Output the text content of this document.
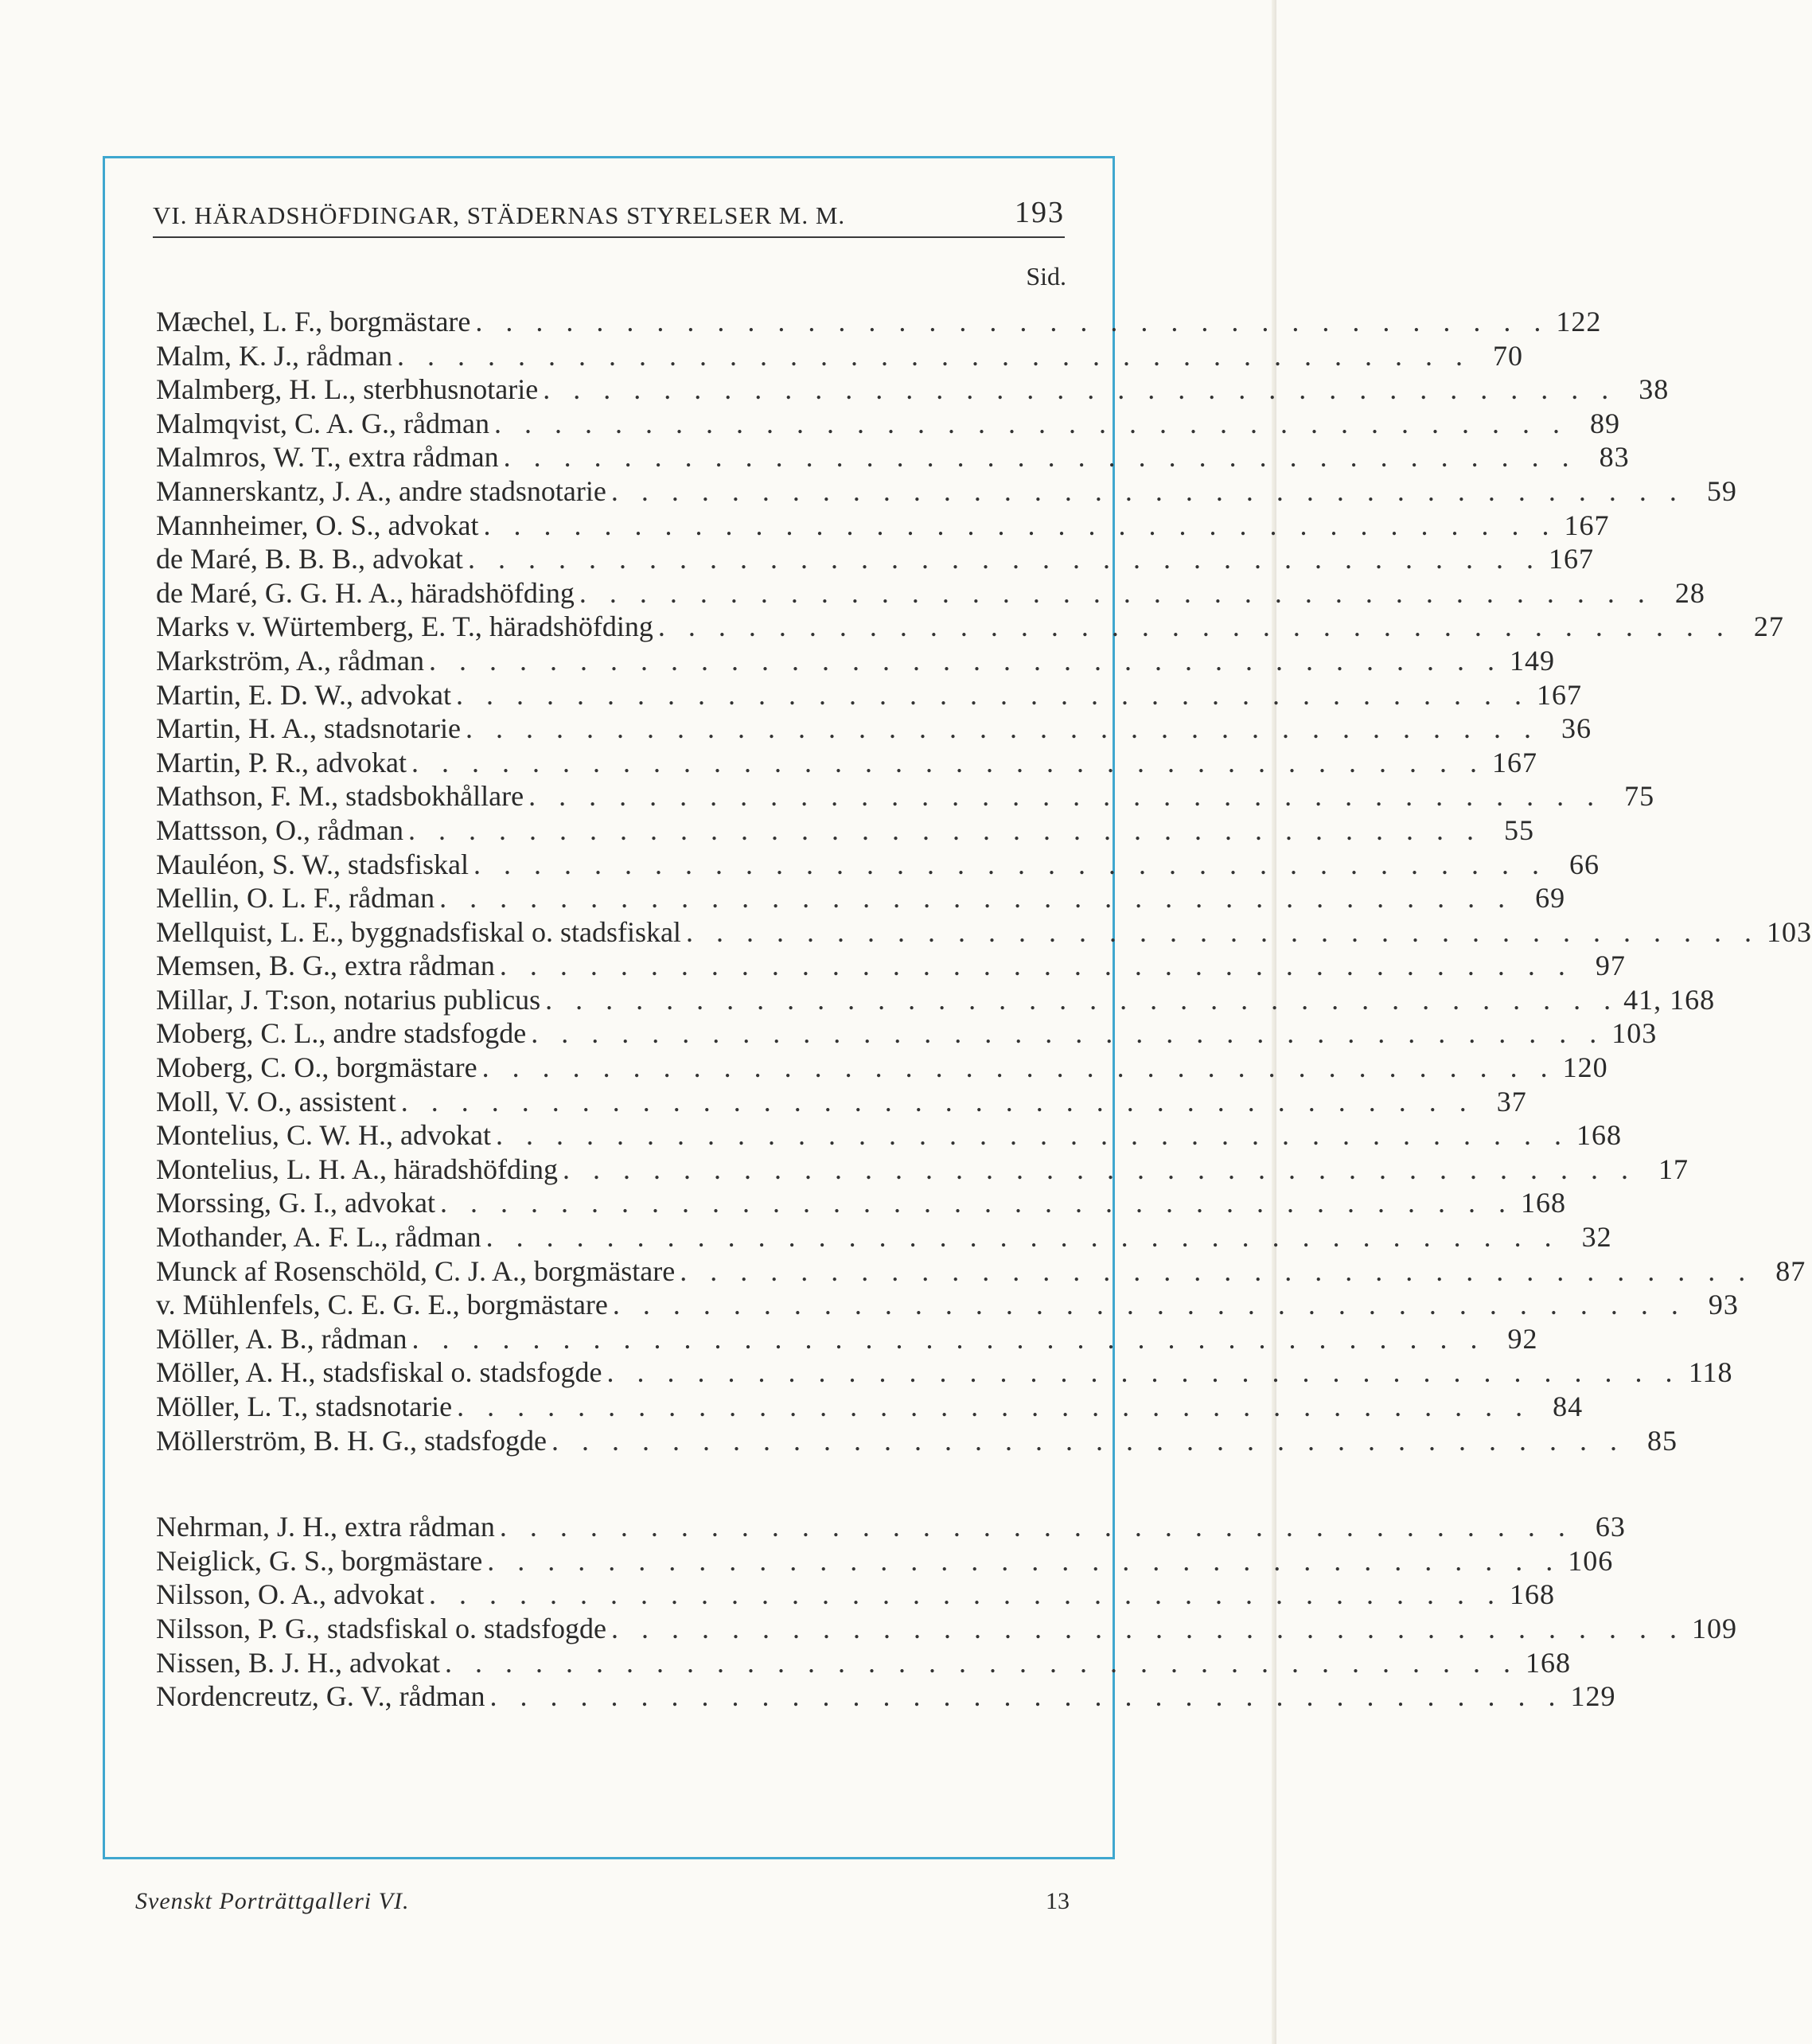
VI. HÄRADSHÖFDINGAR, STÄDERNAS STYRELSER M. M.	193
Sid.
Mæchel, L. F., borgmästare . . . . . . . . . . . . . . . . . . . . . . . . . . . . . . . . . . . . 122
Malm, K. J., rådman . . . . . . . . . . . . . . . . . . . . . . . . . . . . . . . . . . . . 70
Malmberg, H. L., sterbhusnotarie . . . . . . . . . . . . . . . . . . . . . . . . . . . . . . . . . . . . 38
Malmqvist, C. A. G., rådman . . . . . . . . . . . . . . . . . . . . . . . . . . . . . . . . . . . . 89
Malmros, W. T., extra rådman . . . . . . . . . . . . . . . . . . . . . . . . . . . . . . . . . . . . 83
Mannerskantz, J. A., andre stadsnotarie . . . . . . . . . . . . . . . . . . . . . . . . . . . . . . . . . . . . 59
Mannheimer, O. S., advokat . . . . . . . . . . . . . . . . . . . . . . . . . . . . . . . . . . . . 167
de Maré, B. B. B., advokat . . . . . . . . . . . . . . . . . . . . . . . . . . . . . . . . . . . . 167
de Maré, G. G. H. A., häradshöfding . . . . . . . . . . . . . . . . . . . . . . . . . . . . . . . . . . . . 28
Marks v. Würtemberg, E. T., häradshöfding . . . . . . . . . . . . . . . . . . . . . . . . . . . . . . . . . . . . 27
Markström, A., rådman . . . . . . . . . . . . . . . . . . . . . . . . . . . . . . . . . . . . 149
Martin, E. D. W., advokat . . . . . . . . . . . . . . . . . . . . . . . . . . . . . . . . . . . . 167
Martin, H. A., stadsnotarie . . . . . . . . . . . . . . . . . . . . . . . . . . . . . . . . . . . . 36
Martin, P. R., advokat . . . . . . . . . . . . . . . . . . . . . . . . . . . . . . . . . . . . 167
Mathson, F. M., stadsbokhållare . . . . . . . . . . . . . . . . . . . . . . . . . . . . . . . . . . . . 75
Mattsson, O., rådman . . . . . . . . . . . . . . . . . . . . . . . . . . . . . . . . . . . . 55
Mauléon, S. W., stadsfiskal . . . . . . . . . . . . . . . . . . . . . . . . . . . . . . . . . . . . 66
Mellin, O. L. F., rådman . . . . . . . . . . . . . . . . . . . . . . . . . . . . . . . . . . . . 69
Mellquist, L. E., byggnadsfiskal o. stadsfiskal . . . . . . . . . . . . . . . . . . . . . . . . . . . . . . . . . . . . 103
Memsen, B. G., extra rådman . . . . . . . . . . . . . . . . . . . . . . . . . . . . . . . . . . . . 97
Millar, J. T:son, notarius publicus . . . . . . . . . . . . . . . . . . . . . . . . . . . . . . . . . . . . 41, 168
Moberg, C. L., andre stadsfogde . . . . . . . . . . . . . . . . . . . . . . . . . . . . . . . . . . . . 103
Moberg, C. O., borgmästare . . . . . . . . . . . . . . . . . . . . . . . . . . . . . . . . . . . . 120
Moll, V. O., assistent . . . . . . . . . . . . . . . . . . . . . . . . . . . . . . . . . . . . 37
Montelius, C. W. H., advokat . . . . . . . . . . . . . . . . . . . . . . . . . . . . . . . . . . . . 168
Montelius, L. H. A., häradshöfding . . . . . . . . . . . . . . . . . . . . . . . . . . . . . . . . . . . . 17
Morssing, G. I., advokat . . . . . . . . . . . . . . . . . . . . . . . . . . . . . . . . . . . . 168
Mothander, A. F. L., rådman . . . . . . . . . . . . . . . . . . . . . . . . . . . . . . . . . . . . 32
Munck af Rosenschöld, C. J. A., borgmästare . . . . . . . . . . . . . . . . . . . . . . . . . . . . . . . . . . . . 87
v. Mühlenfels, C. E. G. E., borgmästare . . . . . . . . . . . . . . . . . . . . . . . . . . . . . . . . . . . . 93
Möller, A. B., rådman . . . . . . . . . . . . . . . . . . . . . . . . . . . . . . . . . . . . 92
Möller, A. H., stadsfiskal o. stadsfogde . . . . . . . . . . . . . . . . . . . . . . . . . . . . . . . . . . . . 118
Möller, L. T., stadsnotarie . . . . . . . . . . . . . . . . . . . . . . . . . . . . . . . . . . . . 84
Möllerström, B. H. G., stadsfogde . . . . . . . . . . . . . . . . . . . . . . . . . . . . . . . . . . . . 85
Nehrman, J. H., extra rådman . . . . . . . . . . . . . . . . . . . . . . . . . . . . . . . . . . . . 63
Neiglick, G. S., borgmästare . . . . . . . . . . . . . . . . . . . . . . . . . . . . . . . . . . . . 106
Nilsson, O. A., advokat . . . . . . . . . . . . . . . . . . . . . . . . . . . . . . . . . . . . 168
Nilsson, P. G., stadsfiskal o. stadsfogde . . . . . . . . . . . . . . . . . . . . . . . . . . . . . . . . . . . . 109
Nissen, B. J. H., advokat . . . . . . . . . . . . . . . . . . . . . . . . . . . . . . . . . . . . 168
Nordencreutz, G. V., rådman . . . . . . . . . . . . . . . . . . . . . . . . . . . . . . . . . . . . 129
Svenskt Porträttgalleri VI.	13
